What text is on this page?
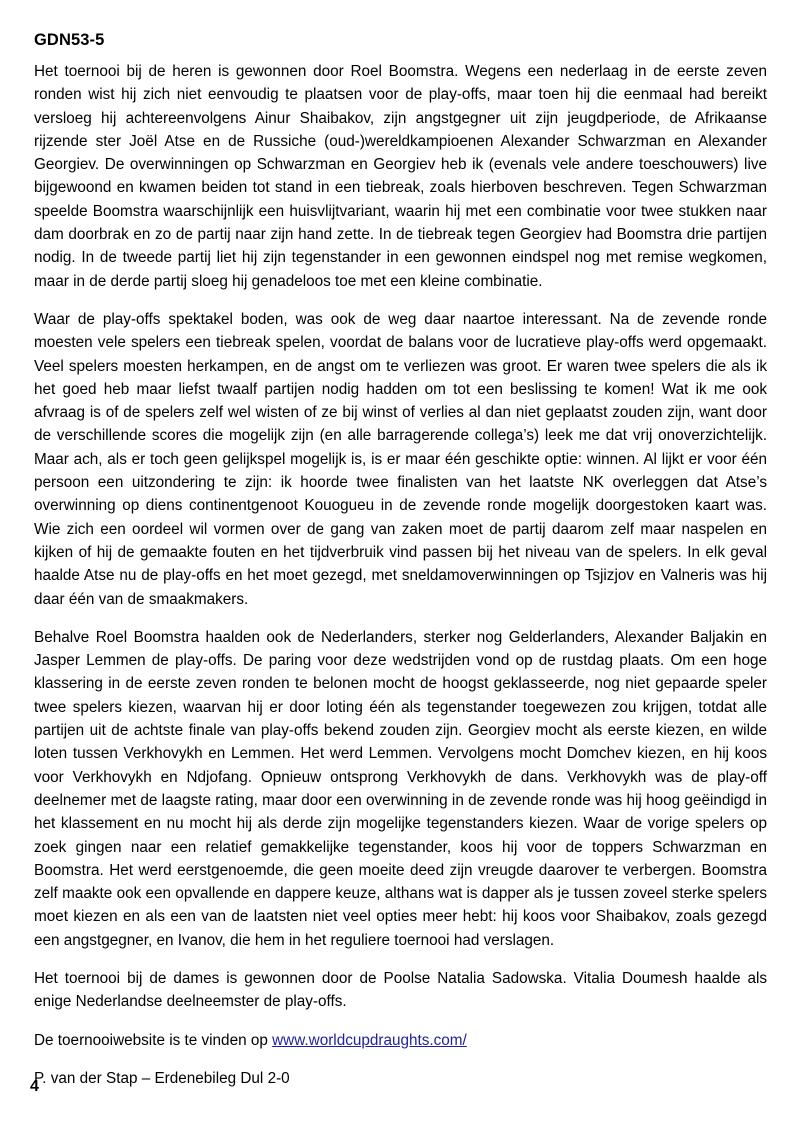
GDN53-5

Het toernooi bij de heren is gewonnen door Roel Boomstra. Wegens een nederlaag in de eerste zeven ronden wist hij zich niet eenvoudig te plaatsen voor de play-offs, maar toen hij die eenmaal had bereikt versloeg hij achtereenvolgens Ainur Shaibakov, zijn angstgegner uit zijn jeugdperiode, de Afrikaanse rijzende ster Joël Atse en de Russiche (oud-)wereldkampioenen Alexander Schwarzman en Alexander Georgiev. De overwinningen op Schwarzman en Georgiev heb ik (evenals vele andere toeschouwers) live bijgewoond en kwamen beiden tot stand in een tiebreak, zoals hierboven beschreven. Tegen Schwarzman speelde Boomstra waarschijnlijk een huisvlijtvariant, waarin hij met een combinatie voor twee stukken naar dam doorbrak en zo de partij naar zijn hand zette. In de tiebreak tegen Georgiev had Boomstra drie partijen nodig. In de tweede partij liet hij zijn tegenstander in een gewonnen eindspel nog met remise wegkomen, maar in de derde partij sloeg hij genadeloos toe met een kleine combinatie.

Waar de play-offs spektakel boden, was ook de weg daar naartoe interessant. Na de zevende ronde moesten vele spelers een tiebreak spelen, voordat de balans voor de lucratieve play-offs werd opgemaakt. Veel spelers moesten herkampen, en de angst om te verliezen was groot. Er waren twee spelers die als ik het goed heb maar liefst twaalf partijen nodig hadden om tot een beslissing te komen! Wat ik me ook afvraag is of de spelers zelf wel wisten of ze bij winst of verlies al dan niet geplaatst zouden zijn, want door de verschillende scores die mogelijk zijn (en alle barragerende collega’s) leek me dat vrij onoverzichtelijk. Maar ach, als er toch geen gelijkspel mogelijk is, is er maar één geschikte optie: winnen. Al lijkt er voor één persoon een uitzondering te zijn: ik hoorde twee finalisten van het laatste NK overleggen dat Atse’s overwinning op diens continentgenoot Kouogueu in de zevende ronde mogelijk doorgestoken kaart was. Wie zich een oordeel wil vormen over de gang van zaken moet de partij daarom zelf maar naspelen en kijken of hij de gemaakte fouten en het tijdverbruik vind passen bij het niveau van de spelers. In elk geval haalde Atse nu de play-offs en het moet gezegd, met sneldamoverwinningen op Tsjizjov en Valneris was hij daar één van de smaakmakers.

Behalve Roel Boomstra haalden ook de Nederlanders, sterker nog Gelderlanders, Alexander Baljakin en Jasper Lemmen de play-offs. De paring voor deze wedstrijden vond op de rustdag plaats. Om een hoge klassering in de eerste zeven ronden te belonen mocht de hoogst geklasseerde, nog niet gepaarde speler twee spelers kiezen, waarvan hij er door loting één als tegenstander toegewezen zou krijgen, totdat alle partijen uit de achtste finale van play-offs bekend zouden zijn. Georgiev mocht als eerste kiezen, en wilde loten tussen Verkhovykh en Lemmen. Het werd Lemmen. Vervolgens mocht Domchev kiezen, en hij koos voor Verkhovykh en Ndjofang. Opnieuw ontsprong Verkhovykh de dans. Verkhovykh was de play-off deelnemer met de laagste rating, maar door een overwinning in de zevende ronde was hij hoog geëindigd in het klassement en nu mocht hij als derde zijn mogelijke tegenstanders kiezen. Waar de vorige spelers op zoek gingen naar een relatief gemakkelijke tegenstander, koos hij voor de toppers Schwarzman en Boomstra. Het werd eerstgenoemde, die geen moeite deed zijn vreugde daarover te verbergen. Boomstra zelf maakte ook een opvallende en dappere keuze, althans wat is dapper als je tussen zoveel sterke spelers moet kiezen en als een van de laatsten niet veel opties meer hebt: hij koos voor Shaibakov, zoals gezegd een angstgegner, en Ivanov, die hem in het reguliere toernooi had verslagen.

Het toernooi bij de dames is gewonnen door de Poolse Natalia Sadowska. Vitalia Doumesh haalde als enige Nederlandse deelneemster de play-offs.

De toernooiwebsite is te vinden op www.worldcupdraughts.com/

P. van der Stap – Erdenebileg Dul 2-0

4
